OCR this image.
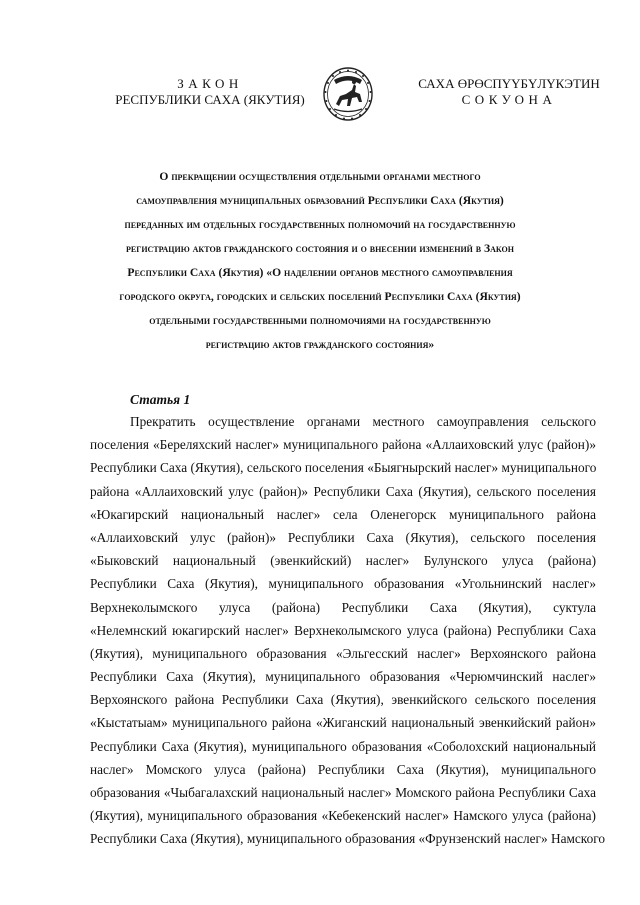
ЗАКОН
РЕСПУБЛИКИ САХА (ЯКУТИЯ)
САХА ӨРӨСПҮҮБҮЛҮКЭТИН
СОКУОНА
О прекращении осуществления отдельными органами местного
самоуправления муниципальных образований Республики Саха (Якутия)
переданных им отдельных государственных полномочий на государственную
регистрацию актов гражданского состояния и о внесении изменений в Закон
Республики Саха (Якутия) «О наделении органов местного самоуправления
городского округа, городских и сельских поселений Республики Саха (Якутия)
отдельными государственными полномочиями на государственную
регистрацию актов гражданского состояния»
Статья 1
Прекратить осуществление органами местного самоуправления сельского
поселения «Береляхский наслег» муниципального района «Аллаиховский улус (район)»
Республики Саха (Якутия), сельского поселения «Быягнырский наслег» муниципального
района «Аллаиховский улус (район)» Республики Саха (Якутия), сельского поселения
«Юкагирский национальный наслег» села Оленегорск муниципального района
«Аллаиховский улус (район)» Республики Саха (Якутия), сельского поселения
«Быковский национальный (эвенкийский) наслег» Булунского улуса (района)
Республики Саха (Якутия), муниципального образования «Угольнинский наслег»
Верхнеколымского улуса (района) Республики Саха (Якутия), суктула
«Нелемнский юкагирский наслег» Верхнеколымского улуса (района) Республики Саха
(Якутия), муниципального образования «Эльгесский наслег» Верхоянского района
Республики Саха (Якутия), муниципального образования «Черюмчинский наслег»
Верхоянского района Республики Саха (Якутия), эвенкийского сельского поселения
«Кыстатыам» муниципального района «Жиганский национальный эвенкийский район»
Республики Саха (Якутия), муниципального образования «Соболохский национальный
наслег» Момского улуса (района) Республики Саха (Якутия), муниципального
образования «Чыбагалахский национальный наслег» Момского района Республики Саха
(Якутия), муниципального образования «Кебекенский наслег» Намского улуса (района)
Республики Саха (Якутия), муниципального образования «Фрунзенский наслег» Намского
